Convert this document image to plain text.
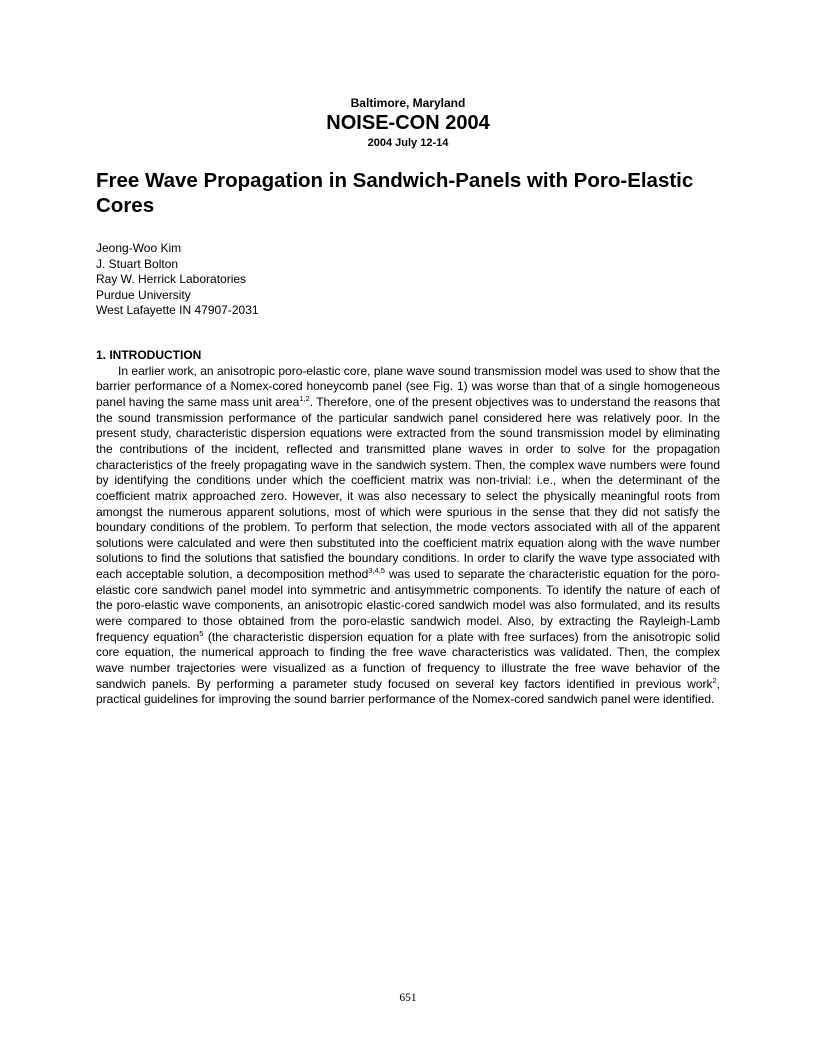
Baltimore, Maryland
NOISE-CON 2004
2004 July 12-14
Free Wave Propagation in Sandwich-Panels with Poro-Elastic Cores
Jeong-Woo Kim
J. Stuart Bolton
Ray W. Herrick Laboratories
Purdue University
West Lafayette IN 47907-2031
1. INTRODUCTION

In earlier work, an anisotropic poro-elastic core, plane wave sound transmission model was used to show that the barrier performance of a Nomex-cored honeycomb panel (see Fig. 1) was worse than that of a single homogeneous panel having the same mass unit area$^{1,2}$. Therefore, one of the present objectives was to understand the reasons that the sound transmission performance of the particular sandwich panel considered here was relatively poor. In the present study, characteristic dispersion equations were extracted from the sound transmission model by eliminating the contributions of the incident, reflected and transmitted plane waves in order to solve for the propagation characteristics of the freely propagating wave in the sandwich system. Then, the complex wave numbers were found by identifying the conditions under which the coefficient matrix was non-trivial: i.e., when the determinant of the coefficient matrix approached zero. However, it was also necessary to select the physically meaningful roots from amongst the numerous apparent solutions, most of which were spurious in the sense that they did not satisfy the boundary conditions of the problem. To perform that selection, the mode vectors associated with all of the apparent solutions were calculated and were then substituted into the coefficient matrix equation along with the wave number solutions to find the solutions that satisfied the boundary conditions. In order to clarify the wave type associated with each acceptable solution, a decomposition method$^{3,4,5}$ was used to separate the characteristic equation for the poro-elastic core sandwich panel model into symmetric and antisymmetric components. To identify the nature of each of the poro-elastic wave components, an anisotropic elastic-cored sandwich model was also formulated, and its results were compared to those obtained from the poro-elastic sandwich model. Also, by extracting the Rayleigh-Lamb frequency equation$^5$ (the characteristic dispersion equation for a plate with free surfaces) from the anisotropic solid core equation, the numerical approach to finding the free wave characteristics was validated. Then, the complex wave number trajectories were visualized as a function of frequency to illustrate the free wave behavior of the sandwich panels. By performing a parameter study focused on several key factors identified in previous work$^2$, practical guidelines for improving the sound barrier performance of the Nomex-cored sandwich panel were identified.

651
